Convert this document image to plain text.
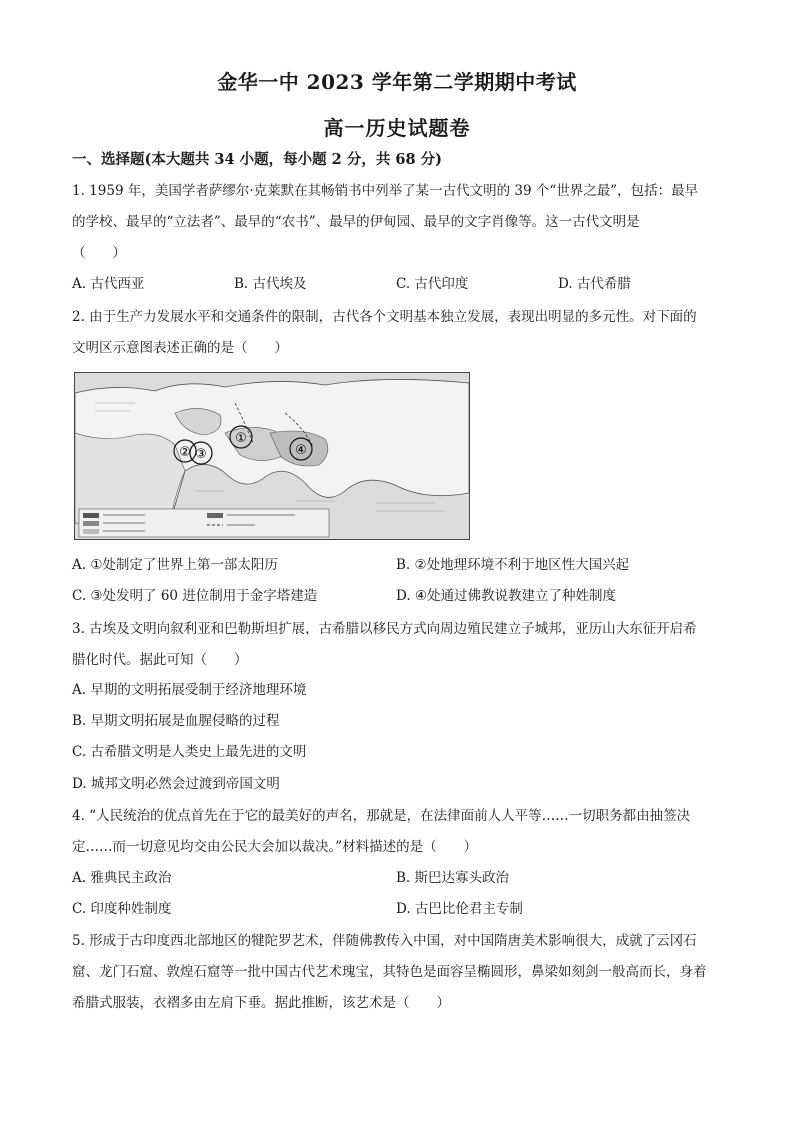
金华一中 2023 学年第二学期期中考试
高一历史试题卷
一、选择题(本大题共 34 小题，每小题 2 分，共 68 分)
1. 1959 年，美国学者萨缪尔·克莱默在其畅销书中列举了某一古代文明的 39 个“世界之最”，包括：最早
的学校、最早的“立法者”、最早的“农书”、最早的伊甸园、最早的文字肖像等。这一古代文明是
（　　）
A. 古代西亚	B. 古代埃及	C. 古代印度	D. 古代希腊
2. 由于生产力发展水平和交通条件的限制，古代各个文明基本独立发展，表现出明显的多元性。对下面的
文明区示意图表述正确的是（　　）
①
② ③	④
A. ①处制定了世界上第一部太阳历	B. ②处地理环境不利于地区性大国兴起
C. ③处发明了 60 进位制用于金字塔建造	D. ④处通过佛教说教建立了种姓制度
3. 古埃及文明向叙利亚和巴勒斯坦扩展，古希腊以移民方式向周边殖民建立子城邦，亚历山大东征开启希
腊化时代。据此可知（　　）
A. 早期的文明拓展受制于经济地理环境
B. 早期文明拓展是血腥侵略的过程
C. 古希腊文明是人类史上最先进的文明
D. 城邦文明必然会过渡到帝国文明
4. “人民统治的优点首先在于它的最美好的声名，那就是，在法律面前人人平等……一切职务都由抽签决
定……而一切意见均交由公民大会加以裁决。”材料描述的是（　　）
A. 雅典民主政治	B. 斯巴达寡头政治
C. 印度种姓制度	D. 古巴比伦君主专制
5. 形成于古印度西北部地区的犍陀罗艺术，伴随佛教传入中国，对中国隋唐美术影响很大，成就了云冈石
窟、龙门石窟、敦煌石窟等一批中国古代艺术瑰宝，其特色是面容呈椭圆形，鼻梁如刻剑一般高而长，身着
希腊式服装，衣褶多由左肩下垂。据此推断，该艺术是（　　）
